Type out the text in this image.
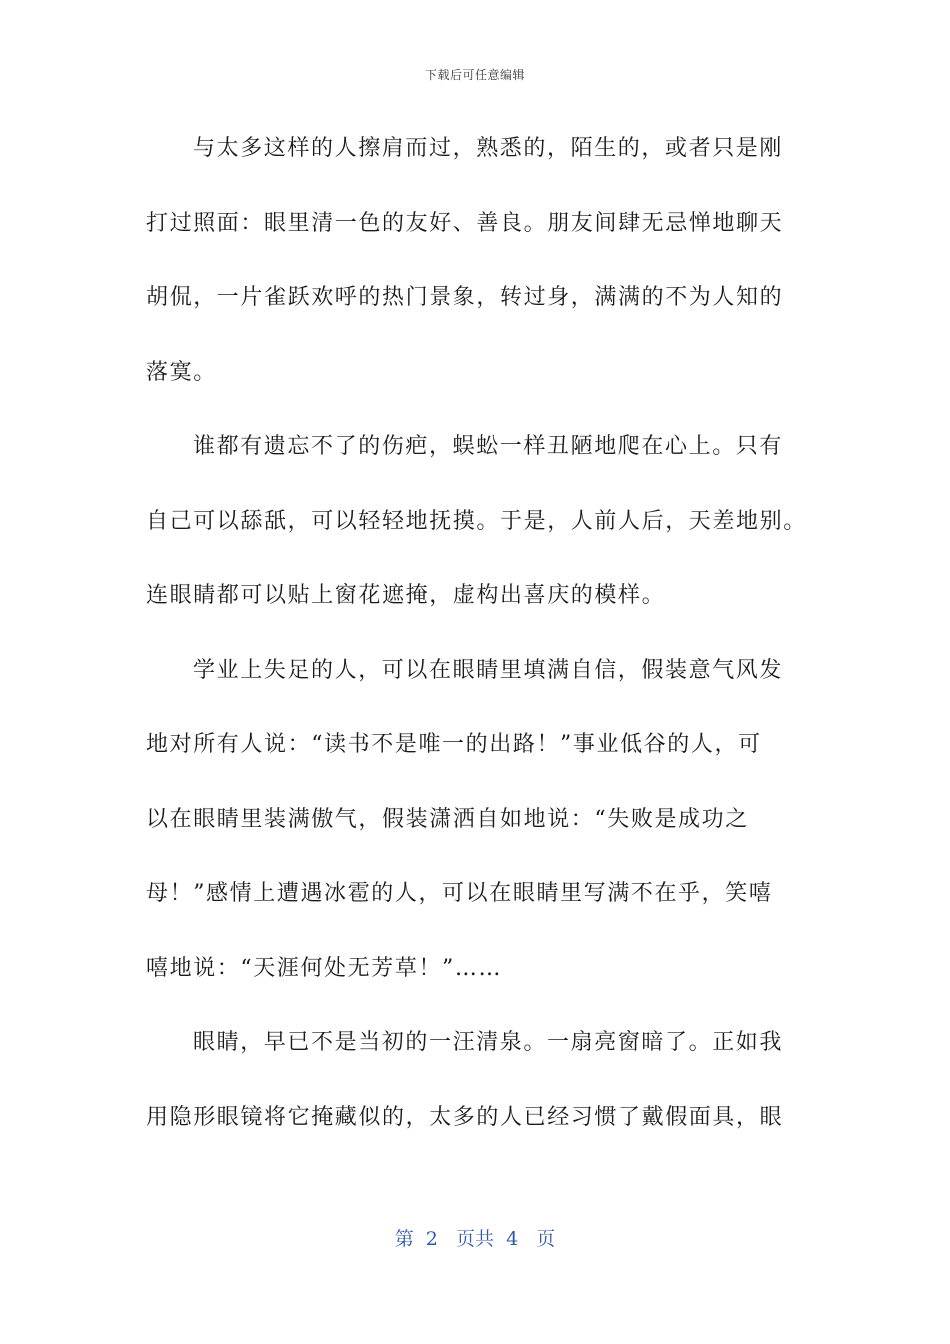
下载后可任意编辑
与太多这样的人擦肩而过，熟悉的，陌生的，或者只是刚
打过照面：眼里清一色的友好、善良。朋友间肆无忌惮地聊天
胡侃，一片雀跃欢呼的热门景象，转过身，满满的不为人知的
落寞。
谁都有遗忘不了的伤疤，蜈蚣一样丑陋地爬在心上。只有
自己可以舔舐，可以轻轻地抚摸。于是，人前人后，天差地别。
连眼睛都可以贴上窗花遮掩，虚构出喜庆的模样。
学业上失足的人，可以在眼睛里填满自信，假装意气风发
地对所有人说：“读书不是唯一的出路！”事业低谷的人，可
以在眼睛里装满傲气，假装潇洒自如地说：“失败是成功之
母！”感情上遭遇冰雹的人，可以在眼睛里写满不在乎，笑嘻
嘻地说：“天涯何处无芳草！”……
眼睛，早已不是当初的一汪清泉。一扇亮窗暗了。正如我
用隐形眼镜将它掩藏似的，太多的人已经习惯了戴假面具，眼
第  2   页共  4   页
